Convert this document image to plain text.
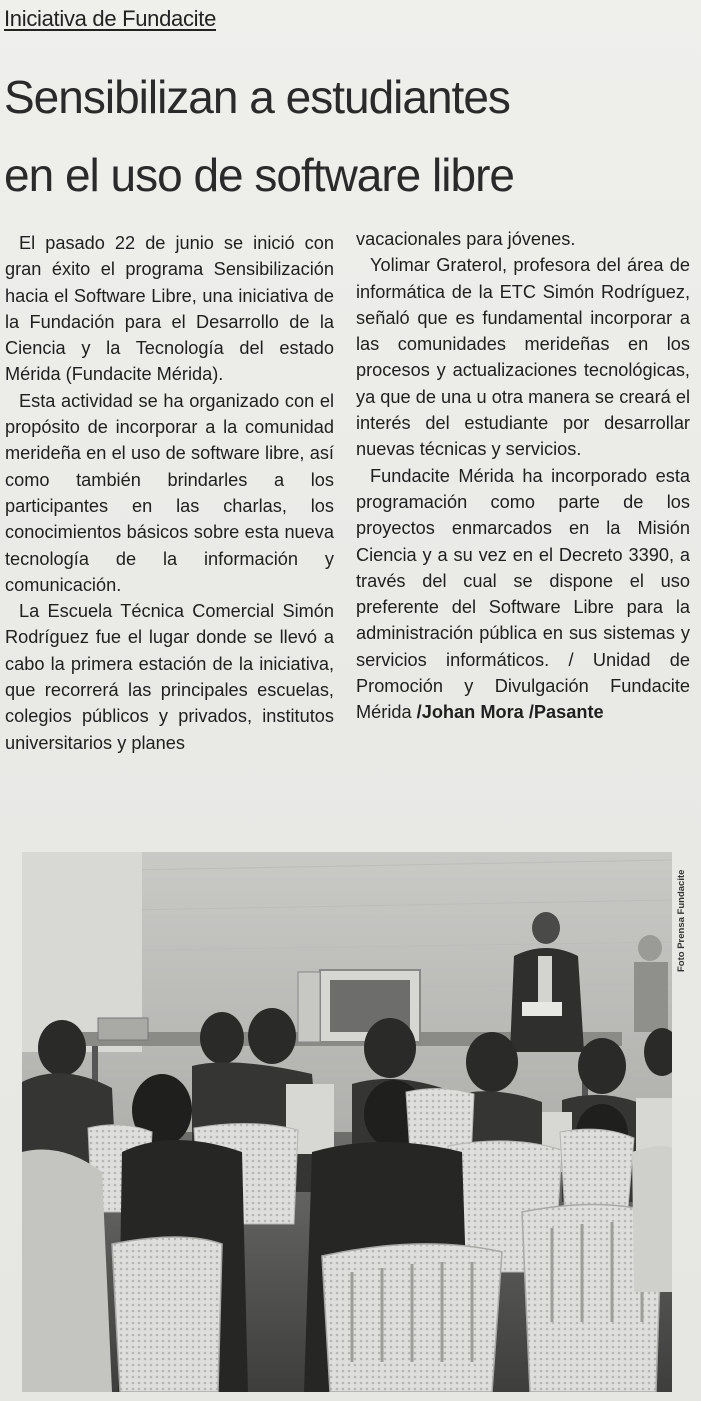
Iniciativa de Fundacite
Sensibilizan a estudiantes
en el uso de software libre

El pasado 22 de junio se inició con gran éxito el programa Sensibilización hacia el Software Libre, una iniciativa de la Fundación para el Desarrollo de la Ciencia y la Tecnología del estado Mérida (Fundacite Mérida).

Esta actividad se ha organizado con el propósito de incorporar a la comunidad merideña en el uso de software libre, así como también brindarles a los participantes en las charlas, los conocimientos básicos sobre esta nueva tecnología de la información y comunicación.

La Escuela Técnica Comercial Simón Rodríguez fue el lugar donde se llevó a cabo la primera estación de la iniciativa, que recorrerá las principales escuelas, colegios públicos y privados, institutos universitarios y planes

vacacionales para jóvenes.

Yolimar Graterol, profesora del área de informática de la ETC Simón Rodríguez, señaló que es fundamental incorporar a las comunidades merideñas en los procesos y actualizaciones tecnológicas, ya que de una u otra manera se creará el interés del estudiante por desarrollar nuevas técnicas y servicios.

Fundacite Mérida ha incorporado esta programación como parte de los proyectos enmarcados en la Misión Ciencia y a su vez en el Decreto 3390, a través del cual se dispone el uso preferente del Software Libre para la administración pública en sus sistemas y servicios informáticos. / Unidad de Promoción y Divulgación Fundacite Mérida /Johan Mora /Pasante

Foto Prensa Fundacite
